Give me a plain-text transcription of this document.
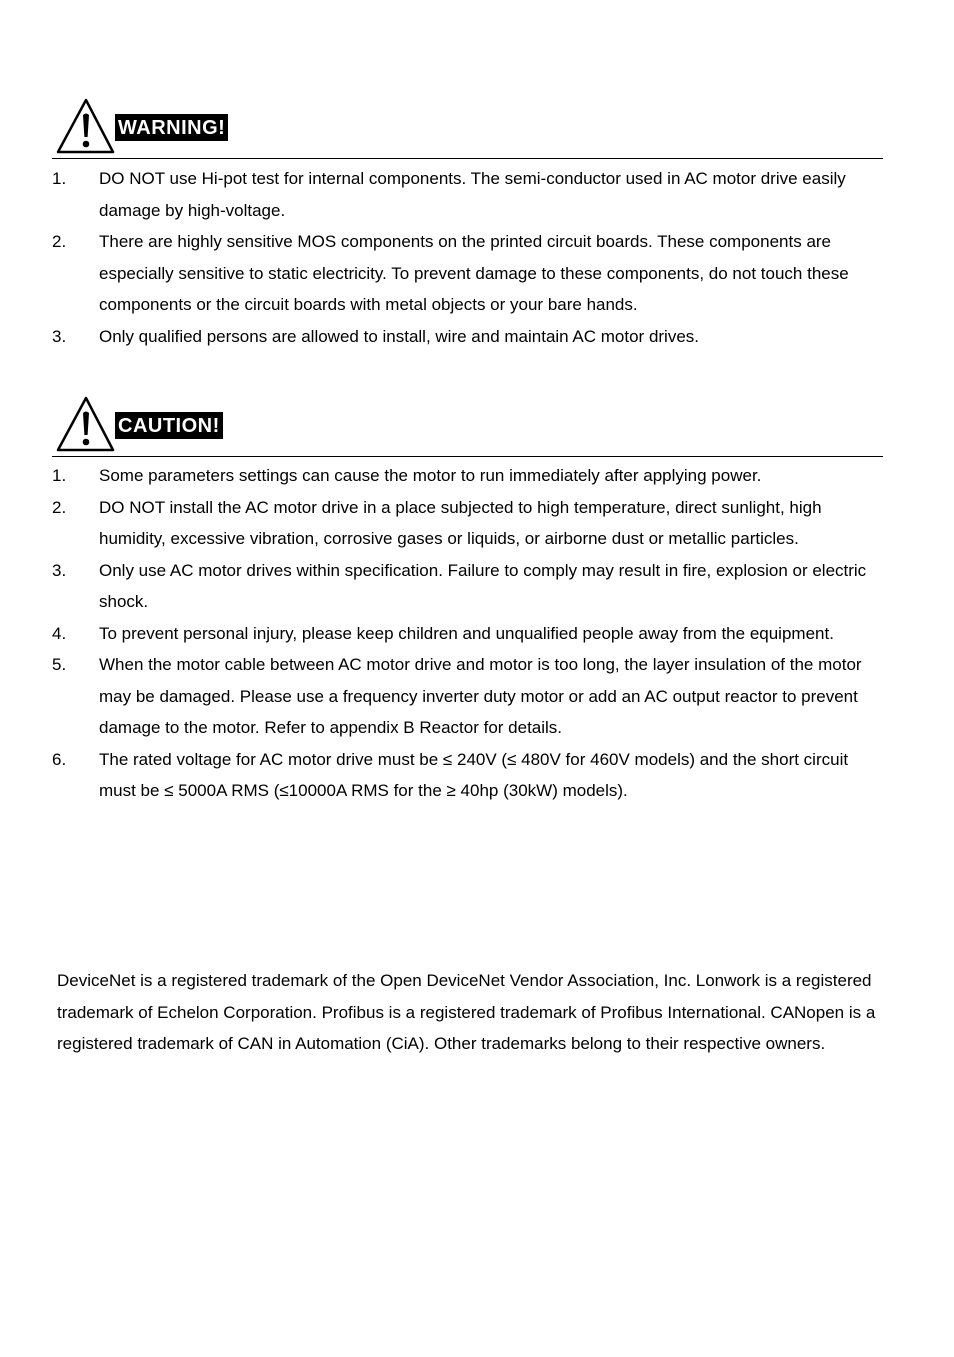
WARNING!
1. DO NOT use Hi-pot test for internal components. The semi-conductor used in AC motor drive easily damage by high-voltage.
2. There are highly sensitive MOS components on the printed circuit boards. These components are especially sensitive to static electricity. To prevent damage to these components, do not touch these components or the circuit boards with metal objects or your bare hands.
3. Only qualified persons are allowed to install, wire and maintain AC motor drives.
CAUTION!
1. Some parameters settings can cause the motor to run immediately after applying power.
2. DO NOT install the AC motor drive in a place subjected to high temperature, direct sunlight, high humidity, excessive vibration, corrosive gases or liquids, or airborne dust or metallic particles.
3. Only use AC motor drives within specification. Failure to comply may result in fire, explosion or electric shock.
4. To prevent personal injury, please keep children and unqualified people away from the equipment.
5. When the motor cable between AC motor drive and motor is too long, the layer insulation of the motor may be damaged. Please use a frequency inverter duty motor or add an AC output reactor to prevent damage to the motor. Refer to appendix B Reactor for details.
6. The rated voltage for AC motor drive must be ≤ 240V (≤ 480V for 460V models) and the short circuit must be ≤ 5000A RMS (≤10000A RMS for the ≥ 40hp (30kW) models).

DeviceNet is a registered trademark of the Open DeviceNet Vendor Association, Inc. Lonwork is a registered trademark of Echelon Corporation. Profibus is a registered trademark of Profibus International. CANopen is a registered trademark of CAN in Automation (CiA). Other trademarks belong to their respective owners.
